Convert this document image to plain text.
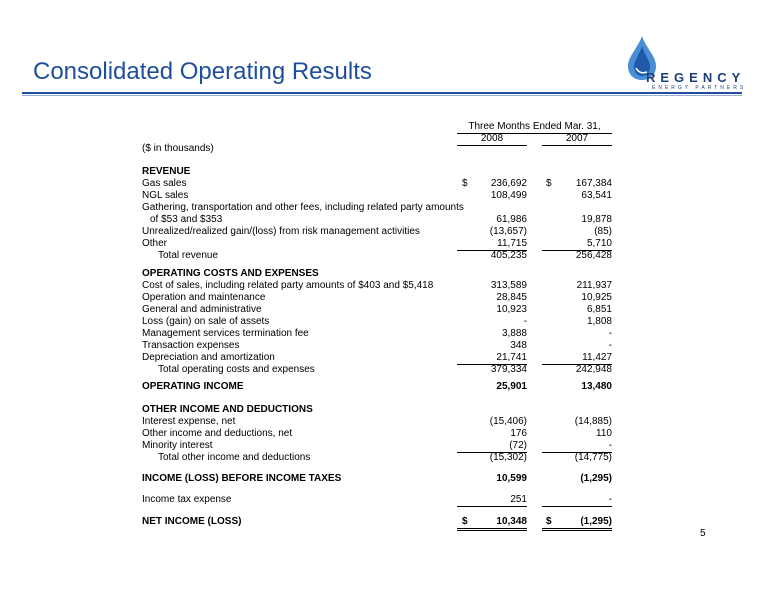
Consolidated Operating Results	REGENCY
ENERGY PARTNERS
Three Months Ended Mar. 31,
2008	2007
($ in thousands)
REVENUE
Gas sales	$	236,692 $	167,384
NGL sales	108,499	63,541
Gathering, transportation and other fees, including related party amounts
of $53 and $353	61,986	19,878
Unrealized/realized gain/(loss) from risk management activities	(13,657)	(85)
Other	11,715	5,710
Total revenue	405,235	256,428
OPERATING COSTS AND EXPENSES
Cost of sales, including related party amounts of $403 and $5,418	313,589	211,937
Operation and maintenance	28,845	10,925
General and administrative	10,923	6,851
Loss (gain) on sale of assets	-	1,808
Management services termination fee	3,888	-
Transaction expenses	348	-
Depreciation and amortization	21,741	11,427
Total operating costs and expenses	379,334	242,948
OPERATING INCOME	25,901	13,480
OTHER INCOME AND DEDUCTIONS
Interest expense, net	(15,406)	(14,885)
Other income and deductions, net	176	110
Minority interest	(72)	-
Total other income and deductions	(15,302)	(14,775)
INCOME (LOSS) BEFORE INCOME TAXES	10,599	(1,295)
Income tax expense	251	-
NET INCOME (LOSS)	$	10,348 $	(1,295)
5
